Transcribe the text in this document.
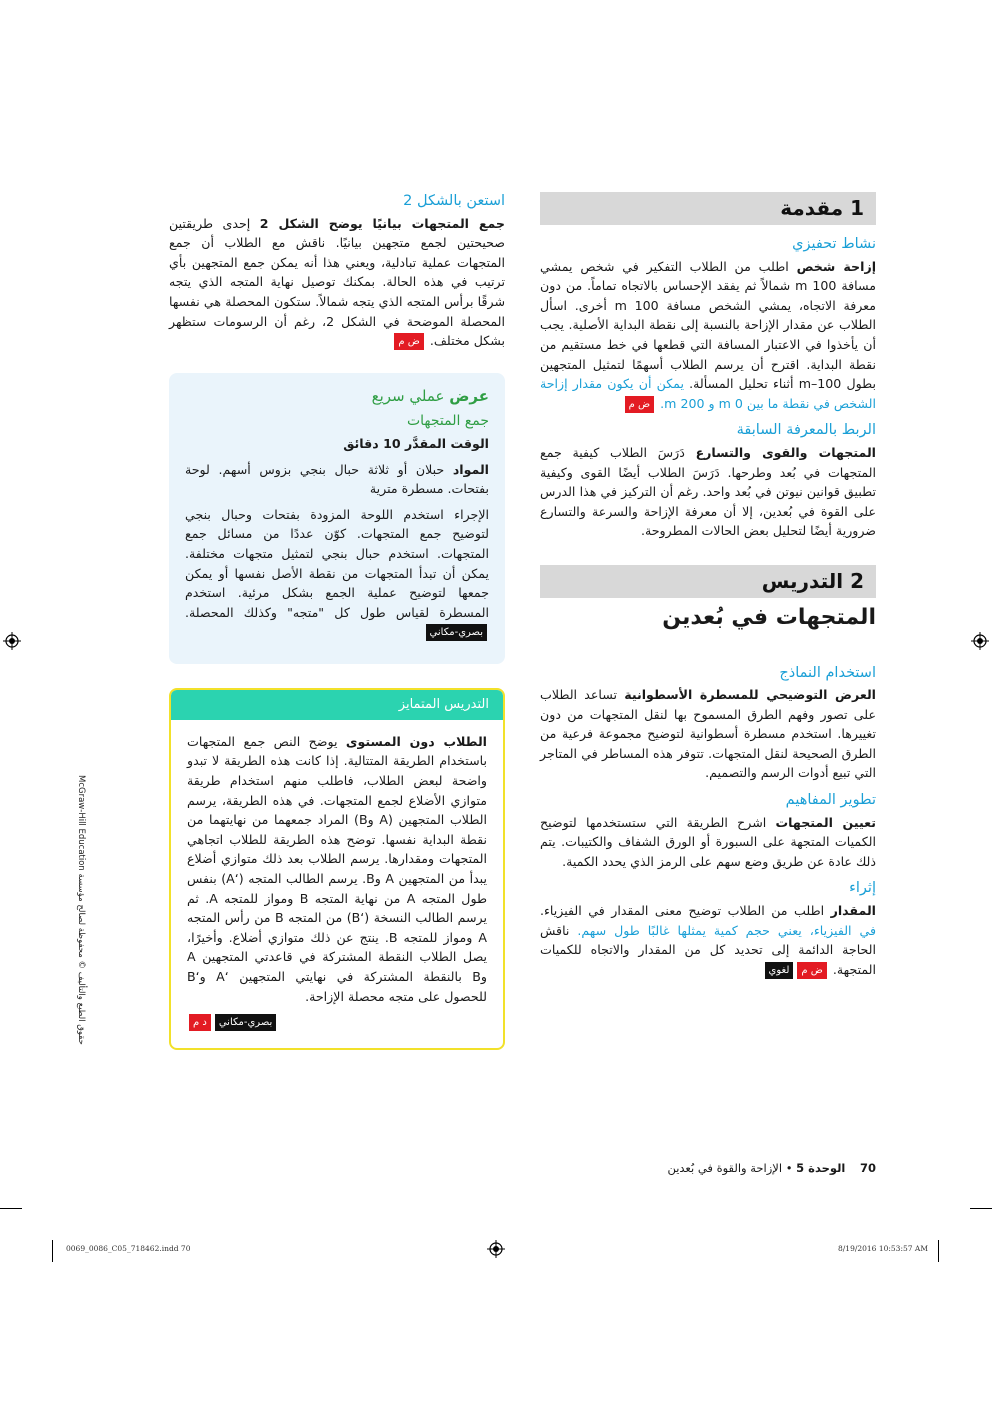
1 مقدمة
نشاط تحفيزي
إزاحة شخص اطلب من الطلاب التفكير في شخص يمشي مسافة 100 m شمالاً ثم يفقد الإحساس بالاتجاه تماماً. من دون معرفة الاتجاه، يمشي الشخص مسافة 100 m أخرى. اسأل الطلاب عن مقدار الإزاحة بالنسبة إلى نقطة البداية الأصلية. يجب أن يأخذوا في الاعتبار المسافة التي قطعها في خط مستقيم من نقطة البداية. اقترح أن يرسم الطلاب أسهمًا لتمثيل المتجهين بطول 100–m أثناء تحليل المسألة. يمكن أن يكون مقدار إزاحة الشخص في نقطة ما بين 0 m و 200 m. ض م
الربط بالمعرفة السابقة
المتجهات والقوى والتسارع دَرَسَ الطلاب كيفية جمع المتجهات في بُعد وطرحها. دَرَسَ الطلاب أيضًا القوى وكيفية تطبيق قوانين نيوتن في بُعد واحد. رغم أن التركيز في هذا الدرس على القوة في بُعدين، إلا أن معرفة الإزاحة والسرعة والتسارع ضرورية أيضًا لتحليل بعض الحالات المطروحة.
2 التدريس
المتجهات في بُعدين
استخدام النماذج
العرض التوضيحي للمسطرة الأسطوانية تساعد الطلاب على تصور وفهم الطرق المسموح بها لنقل المتجهات من دون تغييرها. استخدم مسطرة أسطوانية لتوضيح مجموعة فرعية من الطرق الصحيحة لنقل المتجهات. تتوفر هذه المساطر في المتاجر التي تبيع أدوات الرسم والتصميم.
تطوير المفاهيم
تعيين المتجهات اشرح الطريقة التي ستستخدمها لتوضيح الكميات المتجهة على السبورة أو الورق الشفاف والكتيبات. يتم ذلك عادة عن طريق وضع سهم على الرمز الذي يحدد الكمية.
إثراء
المقدار اطلب من الطلاب توضيح معنى المقدار في الفيزياء. في الفيزياء، يعني حجم كمية يمثلها غالبًا طول سهم. ناقش الحاجة الدائمة إلى تحديد كل من المقدار والاتجاه للكميات المتجهة. ض ملغوي
استعن بالشكل 2
جمع المتجهات بيانيًا يوضح الشكل 2 إحدى طريقتين صحيحتين لجمع متجهين بيانيًا. ناقش مع الطلاب أن جمع المتجهات عملية تبادلية، ويعني هذا أنه يمكن جمع المتجهين بأي ترتيب في هذه الحالة. بمكنك توصيل نهاية المتجه الذي يتجه شرقًا برأس المتجه الذي يتجه شمالاً. ستكون المحصلة هي نفسها المحصلة الموضحة في الشكل 2، رغم أن الرسومات ستظهر بشكل مختلف. ض م
عرض عملي سريع
جمع المتجهات
الوقت المقدَّر 10 دقائق
المواد حبلان أو ثلاثة حبال بنجي بزوس أسهم. لوحة بفتحات. مسطرة مترية
الإجراء استخدم اللوحة المزودة بفتحات وحبال بنجي لتوضيح جمع المتجهات. كوّن عددًا من مسائل جمع المتجهات. استخدم حبال بنجي لتمثيل متجهات مختلفة. يمكن أن تبدأ المتجهات من نقطة الأصل نفسها أو يمكن جمعها لتوضيح عملية الجمع بشكل مرئية. استخدم المسطرة لقياس طول كل "متجه" وكذلك المحصلة. بصري-مكاني
التدريس المتمايز
الطلاب دون المستوى يوضح النص جمع المتجهات باستخدام الطريقة المتتالية. إذا كانت هذه الطريقة لا تبدو واضحة لبعض الطلاب، فاطلب منهم استخدام طريقة متوازي الأضلاع لجمع المتجهات. في هذه الطريقة، يرسم الطلاب المتجهين (A وB) المراد جمعهما من نهايتهما من نقطة البداية نفسها. توضح هذه الطريقة للطلاب اتجاهي المتجهات ومقدارها. يرسم الطلاب بعد ذلك متوازي أضلاع يبدأ من المتجهين A وB. يرسم الطالب المتجه (‘A) بنفس طول المتجه A من نهاية المتجه B ومواز للمتجه A. ثم يرسم الطالب النسخة (‘B) من المتجه B من رأس المتجه A ومواز للمتجه B. ينتج عن ذلك متوازي أضلاع. وأخيرًا، يصل الطلاب النقطة المشتركة في قاعدتي المتجهين A وB بالنقطة المشتركة في نهايتي المتجهين ‘A و‘B للحصول على متجه محصلة الإزاحة.
بصري-مكانيد م
70    الوحدة 5 • الإزاحة والقوة في بُعدين
حقوق الطبع والتأليف © محفوظة لصالح مؤسسة McGraw-Hill Education
0069_0086_C05_718462.indd 70	8/19/2016 10:53:57 AM
